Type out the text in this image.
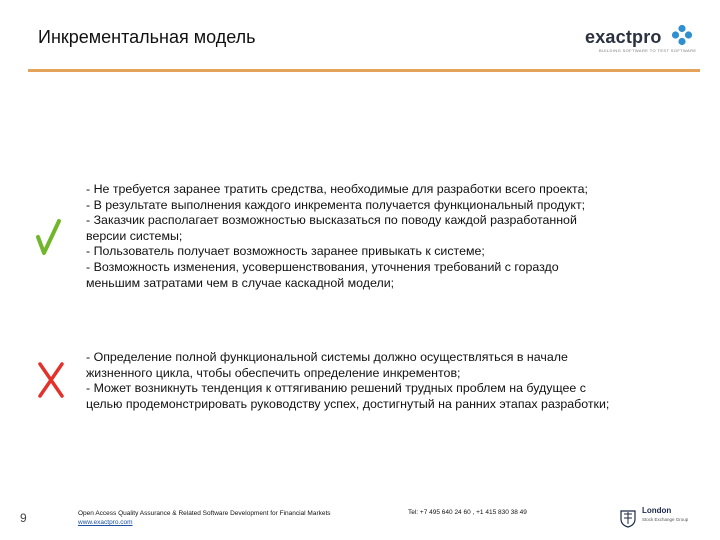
Инкрементальная модель	exactpro
BUILDING SOFTWARE TO TEST SOFTWARE
- Не требуется заранее тратить средства, необходимые для разработки всего проекта;
- В результате выполнения каждого инкремента получается функциональный продукт;
- Заказчик располагает возможностью высказаться по поводу каждой разработанной
версии системы;
- Пользователь получает возможность заранее привыкать к системе;
- Возможность изменения, усовершенствования, уточнения требований с гораздо
меньшим затратами чем в случае каскадной модели;
- Определение полной функциональной системы должно осуществляться в начале
жизненного цикла, чтобы обеспечить определение инкрементов;
- Может возникнуть тенденция к оттягиванию решений трудных проблем на будущее с
целью продемонстрировать руководству успех, достигнутый на ранних этапах разработки;
9	Open Access Quality Assurance & Related Software Development for Financial Markets
www.exactpro.com
Tel: +7 495 640 24 60 , +1 415 830 38 49	London
Stock Exchange Group
